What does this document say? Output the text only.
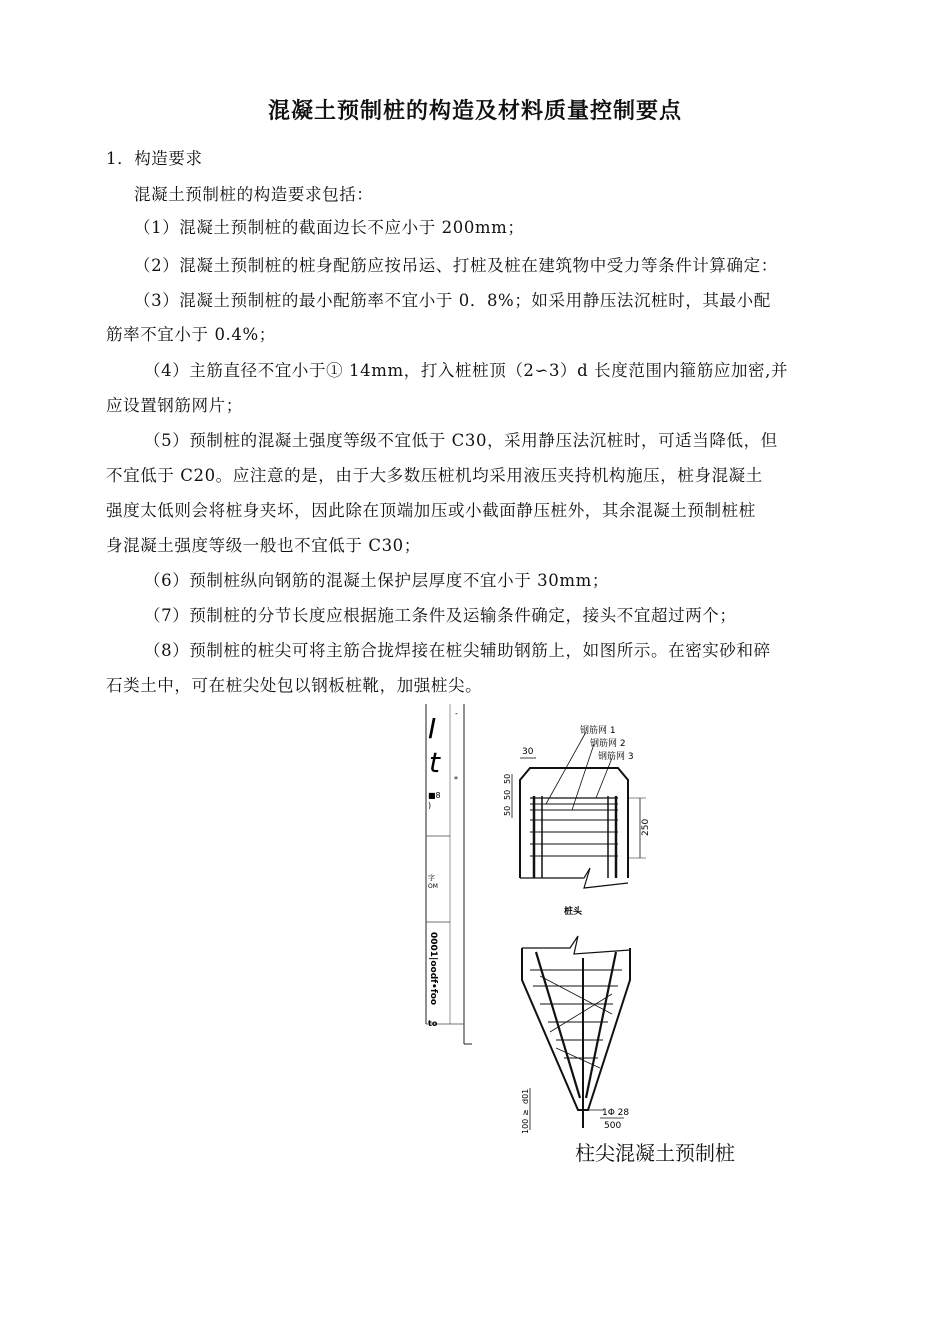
混凝土预制桩的构造及材料质量控制要点
1．构造要求
混凝土预制桩的构造要求包括：
（1）混凝土预制桩的截面边长不应小于 200mm；
（2）混凝土预制桩的桩身配筋应按吊运、打桩及桩在建筑物中受力等条件计算确定：
（3）混凝土预制桩的最小配筋率不宜小于 0．8%；如采用静压法沉桩时，其最小配
筋率不宜小于 0.4%；
（4）主筋直径不宜小于① 14mm，打入桩桩顶（2∽3）d 长度范围内箍筋应加密,并
应设置钢筋网片；
（5）预制桩的混凝土强度等级不宜低于 C30，采用静压法沉桩时，可适当降低，但
不宜低于 C20。应注意的是，由于大多数压桩机均采用液压夹持机构施压，桩身混凝土
强度太低则会将桩身夹坏，因此除在顶端加压或小截面静压桩外，其余混凝土预制桩桩
身混凝土强度等级一般也不宜低于 C30；
（6）预制桩纵向钢筋的混凝土保护层厚度不宜小于 30mm；
（7）预制桩的分节长度应根据施工条件及运输条件确定，接头不宜超过两个；
（8）预制桩的桩尖可将主筋合拢焊接在桩尖辅助钢筋上，如图所示。在密实砂和碎
石类土中，可在桩尖处包以钢板桩靴，加强桩尖。
I
t
■8
)
字
OM
0001|oodf•foo
to
-
*
30
钢筋网 1
钢筋网 2
钢筋网 3
50
50
50
250
桩头
1Φ 28
500
100
≥
d01
柱尖混凝土预制桩
